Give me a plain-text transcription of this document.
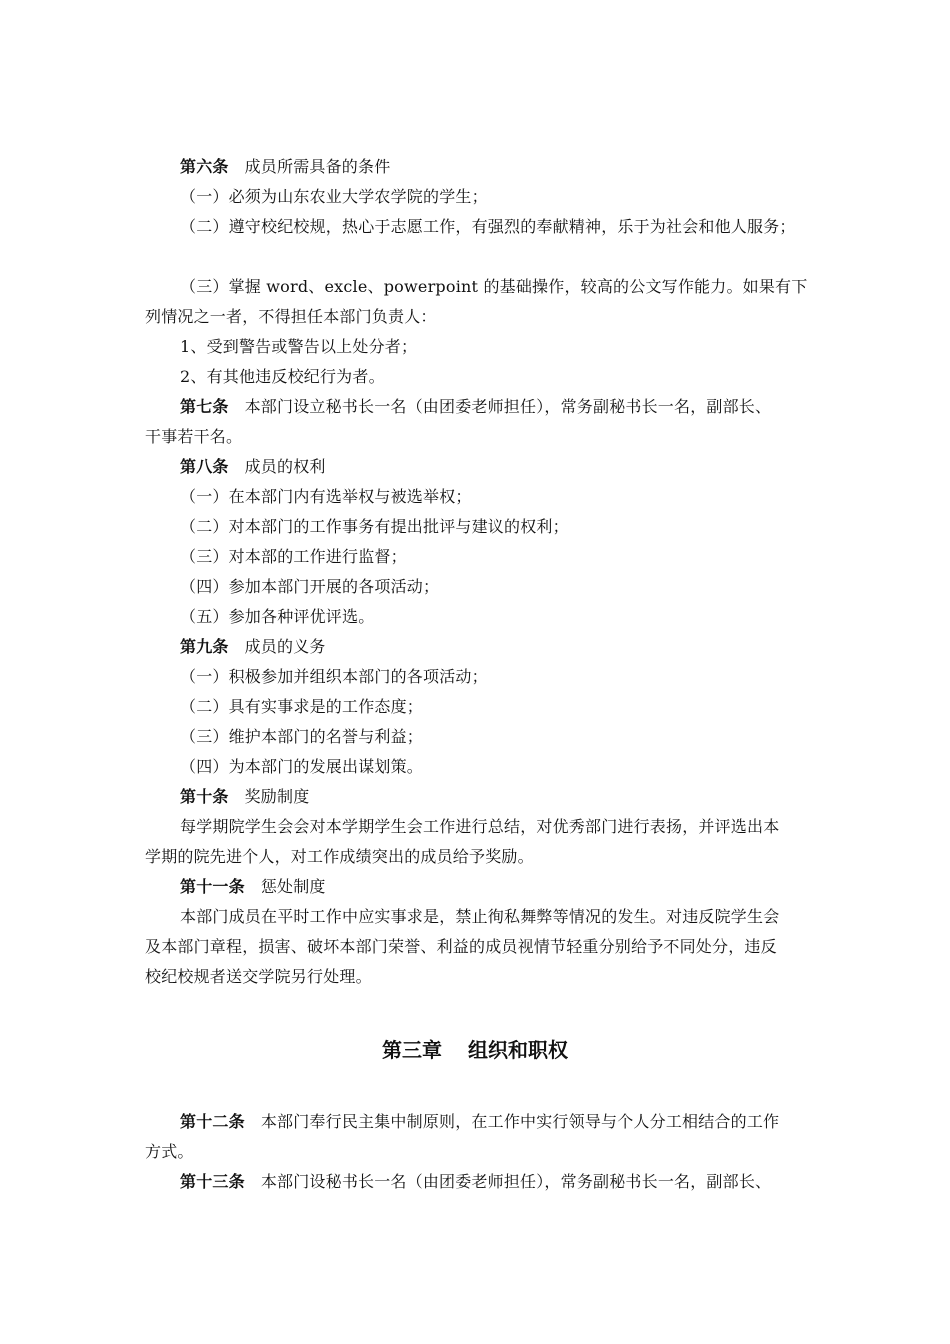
第六条 成员所需具备的条件
（一）必须为山东农业大学农学院的学生；
（二）遵守校纪校规，热心于志愿工作，有强烈的奉献精神，乐于为社会和他人服务；
（三）掌握 word、excle、powerpoint 的基础操作，较高的公文写作能力。如果有下
列情况之一者，不得担任本部门负责人：
1、受到警告或警告以上处分者；
2、有其他违反校纪行为者。
第七条 本部门设立秘书长一名（由团委老师担任），常务副秘书长一名，副部长、
干事若干名。
第八条 成员的权利
（一）在本部门内有选举权与被选举权；
（二）对本部门的工作事务有提出批评与建议的权利；
（三）对本部的工作进行监督；
（四）参加本部门开展的各项活动；
（五）参加各种评优评选。
第九条 成员的义务
（一）积极参加并组织本部门的各项活动；
（二）具有实事求是的工作态度；
（三）维护本部门的名誉与利益；
（四）为本部门的发展出谋划策。
第十条 奖励制度
每学期院学生会会对本学期学生会工作进行总结，对优秀部门进行表扬，并评选出本
学期的院先进个人，对工作成绩突出的成员给予奖励。
第十一条 惩处制度
本部门成员在平时工作中应实事求是，禁止徇私舞弊等情况的发生。对违反院学生会
及本部门章程，损害、破坏本部门荣誉、利益的成员视情节轻重分别给予不同处分，违反
校纪校规者送交学院另行处理。
第三章 组织和职权
第十二条 本部门奉行民主集中制原则，在工作中实行领导与个人分工相结合的工作
方式。
第十三条 本部门设秘书长一名（由团委老师担任），常务副秘书长一名，副部长、
